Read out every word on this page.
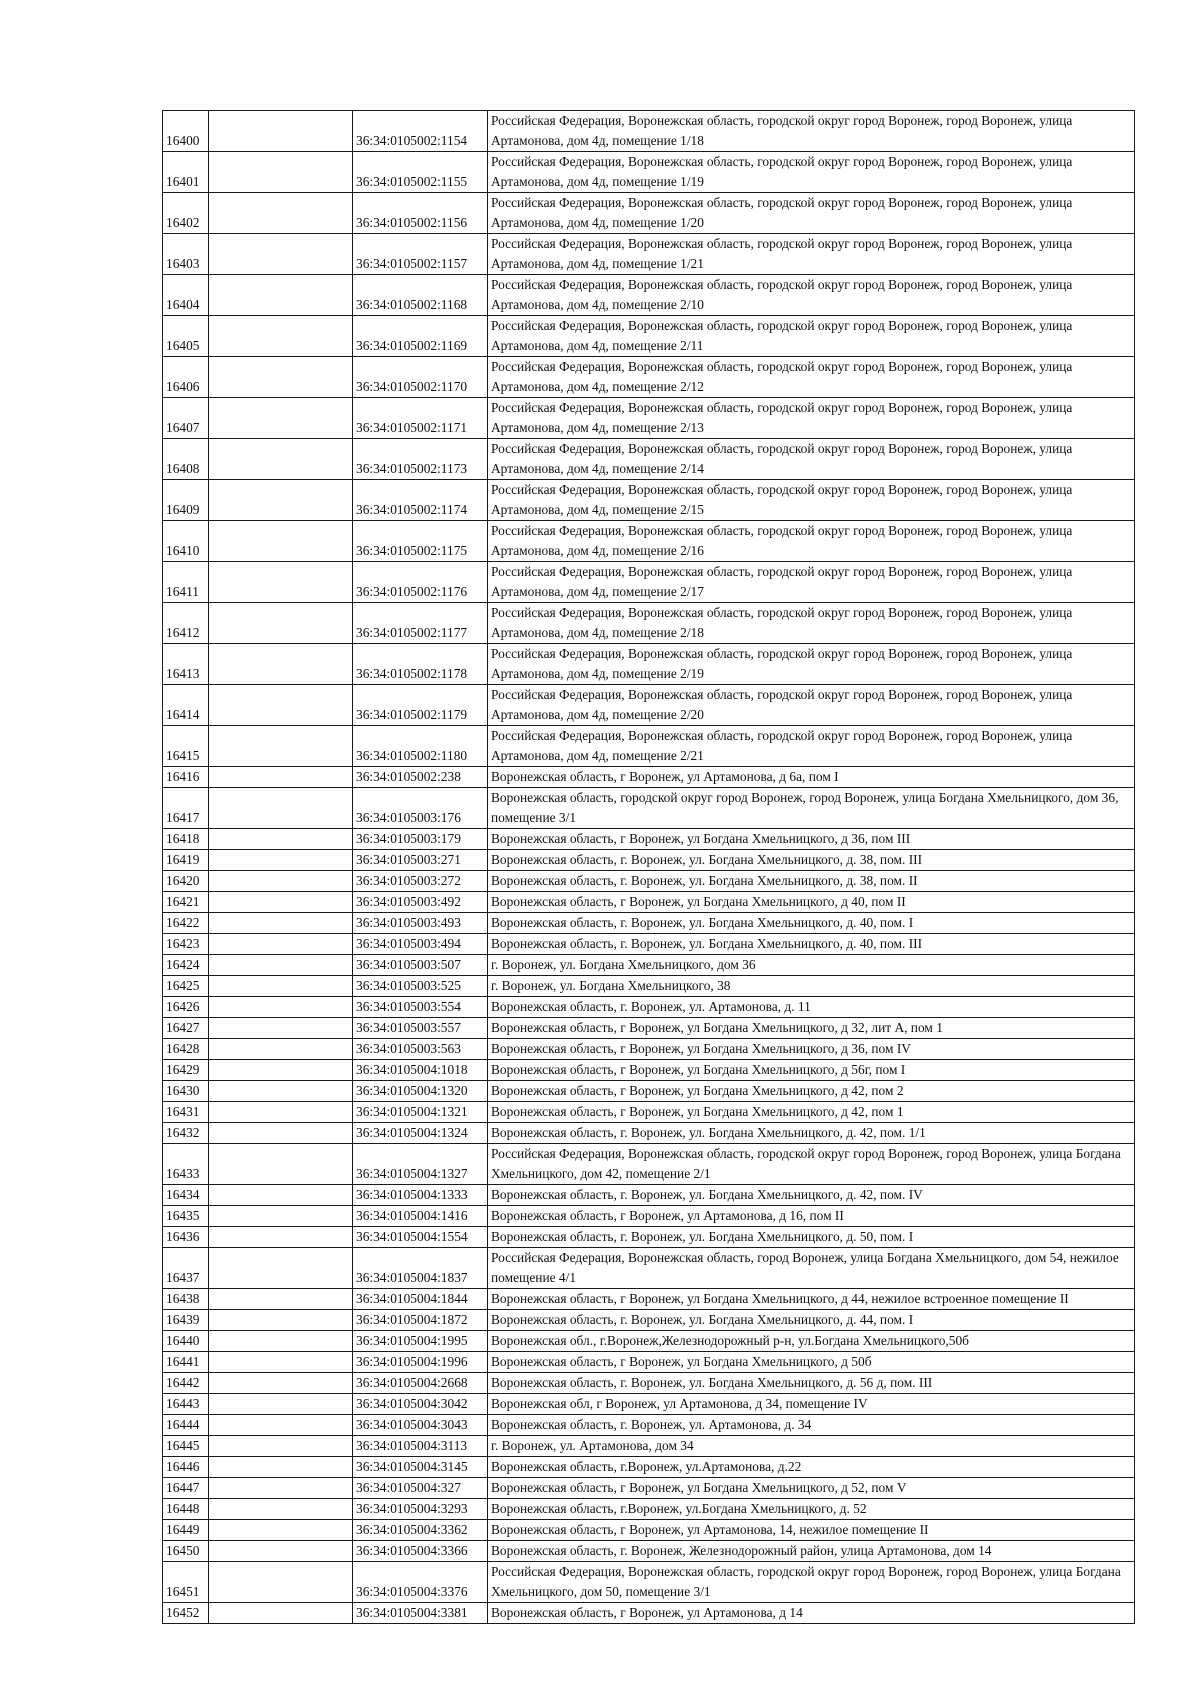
16400		36:34:0105002:1154	Российская Федерация, Воронежская область, городской округ город Воронеж, город Воронеж, улица Артамонова, дом 4д, помещение 1/18
16401		36:34:0105002:1155	Российская Федерация, Воронежская область, городской округ город Воронеж, город Воронеж, улица Артамонова, дом 4д, помещение 1/19
16402		36:34:0105002:1156	Российская Федерация, Воронежская область, городской округ город Воронеж, город Воронеж, улица Артамонова, дом 4д, помещение 1/20
16403		36:34:0105002:1157	Российская Федерация, Воронежская область, городской округ город Воронеж, город Воронеж, улица Артамонова, дом 4д, помещение 1/21
16404		36:34:0105002:1168	Российская Федерация, Воронежская область, городской округ город Воронеж, город Воронеж, улица Артамонова, дом 4д, помещение 2/10
16405		36:34:0105002:1169	Российская Федерация, Воронежская область, городской округ город Воронеж, город Воронеж, улица Артамонова, дом 4д, помещение 2/11
16406		36:34:0105002:1170	Российская Федерация, Воронежская область, городской округ город Воронеж, город Воронеж, улица Артамонова, дом 4д, помещение 2/12
16407		36:34:0105002:1171	Российская Федерация, Воронежская область, городской округ город Воронеж, город Воронеж, улица Артамонова, дом 4д, помещение 2/13
16408		36:34:0105002:1173	Российская Федерация, Воронежская область, городской округ город Воронеж, город Воронеж, улица Артамонова, дом 4д, помещение 2/14
16409		36:34:0105002:1174	Российская Федерация, Воронежская область, городской округ город Воронеж, город Воронеж, улица Артамонова, дом 4д, помещение 2/15
16410		36:34:0105002:1175	Российская Федерация, Воронежская область, городской округ город Воронеж, город Воронеж, улица Артамонова, дом 4д, помещение 2/16
16411		36:34:0105002:1176	Российская Федерация, Воронежская область, городской округ город Воронеж, город Воронеж, улица Артамонова, дом 4д, помещение 2/17
16412		36:34:0105002:1177	Российская Федерация, Воронежская область, городской округ город Воронеж, город Воронеж, улица Артамонова, дом 4д, помещение 2/18
16413		36:34:0105002:1178	Российская Федерация, Воронежская область, городской округ город Воронеж, город Воронеж, улица Артамонова, дом 4д, помещение 2/19
16414		36:34:0105002:1179	Российская Федерация, Воронежская область, городской округ город Воронеж, город Воронеж, улица Артамонова, дом 4д, помещение 2/20
16415		36:34:0105002:1180	Российская Федерация, Воронежская область, городской округ город Воронеж, город Воронеж, улица Артамонова, дом 4д, помещение 2/21
16416		36:34:0105002:238	Воронежская область, г Воронеж, ул Артамонова, д 6а, пом I
16417		36:34:0105003:176	Воронежская область, городской округ город Воронеж, город Воронеж, улица Богдана Хмельницкого, дом 36, помещение 3/1
16418		36:34:0105003:179	Воронежская область, г Воронеж, ул Богдана Хмельницкого, д 36, пом III
16419		36:34:0105003:271	Воронежская область, г. Воронеж, ул. Богдана Хмельницкого, д. 38, пом. III
16420		36:34:0105003:272	Воронежская область, г. Воронеж, ул. Богдана Хмельницкого, д. 38, пом. II
16421		36:34:0105003:492	Воронежская область, г Воронеж, ул Богдана Хмельницкого, д 40, пом II
16422		36:34:0105003:493	Воронежская область, г. Воронеж, ул. Богдана Хмельницкого, д. 40, пом. I
16423		36:34:0105003:494	Воронежская область, г. Воронеж, ул. Богдана Хмельницкого, д. 40, пом. III
16424		36:34:0105003:507	г. Воронеж, ул. Богдана Хмельницкого, дом 36
16425		36:34:0105003:525	г. Воронеж, ул. Богдана Хмельницкого, 38
16426		36:34:0105003:554	Воронежская область, г. Воронеж, ул. Артамонова, д. 11
16427		36:34:0105003:557	Воронежская область, г Воронеж, ул Богдана Хмельницкого, д 32, лит А, пом 1
16428		36:34:0105003:563	Воронежская область, г Воронеж, ул Богдана Хмельницкого, д 36, пом IV
16429		36:34:0105004:1018	Воронежская область, г Воронеж, ул Богдана Хмельницкого, д 56г, пом I
16430		36:34:0105004:1320	Воронежская область, г Воронеж, ул Богдана Хмельницкого, д 42, пом 2
16431		36:34:0105004:1321	Воронежская область, г Воронеж, ул Богдана Хмельницкого, д 42, пом 1
16432		36:34:0105004:1324	Воронежская область, г. Воронеж, ул. Богдана Хмельницкого, д. 42, пом. 1/1
16433		36:34:0105004:1327	Российская Федерация, Воронежская область, городской округ город Воронеж, город Воронеж, улица Богдана Хмельницкого, дом 42, помещение 2/1
16434		36:34:0105004:1333	Воронежская область, г. Воронеж, ул. Богдана Хмельницкого, д. 42, пом. IV
16435		36:34:0105004:1416	Воронежская область, г Воронеж, ул Артамонова, д 16, пом II
16436		36:34:0105004:1554	Воронежская область, г. Воронеж, ул. Богдана Хмельницкого, д. 50, пом. I
16437		36:34:0105004:1837	Российская Федерация, Воронежская область, город Воронеж, улица Богдана Хмельницкого, дом 54, нежилое помещение 4/1
16438		36:34:0105004:1844	Воронежская область, г Воронеж, ул Богдана Хмельницкого, д 44, нежилое встроенное помещение II
16439		36:34:0105004:1872	Воронежская область, г. Воронеж, ул. Богдана Хмельницкого, д. 44, пом. I
16440		36:34:0105004:1995	Воронежская обл., г.Воронеж,Железнодорожный р-н, ул.Богдана Хмельницкого,50б
16441		36:34:0105004:1996	Воронежская область, г Воронеж, ул Богдана Хмельницкого, д 50б
16442		36:34:0105004:2668	Воронежская область, г. Воронеж, ул. Богдана Хмельницкого, д. 56 д, пом. III
16443		36:34:0105004:3042	Воронежская обл, г Воронеж, ул Артамонова, д 34, помещение IV
16444		36:34:0105004:3043	Воронежская область, г. Воронеж, ул. Артамонова, д. 34
16445		36:34:0105004:3113	г. Воронеж, ул. Артамонова, дом 34
16446		36:34:0105004:3145	Воронежская область, г.Воронеж, ул.Артамонова, д.22
16447		36:34:0105004:327	Воронежская область, г Воронеж, ул Богдана Хмельницкого, д 52, пом V
16448		36:34:0105004:3293	Воронежская область, г.Воронеж, ул.Богдана Хмельницкого, д. 52
16449		36:34:0105004:3362	Воронежская область, г Воронеж, ул Артамонова, 14, нежилое помещение II
16450		36:34:0105004:3366	Воронежская область, г. Воронеж, Железнодорожный район, улица Артамонова, дом 14
16451		36:34:0105004:3376	Российская Федерация, Воронежская область, городской округ город Воронеж, город Воронеж, улица Богдана Хмельницкого, дом 50, помещение 3/1
16452		36:34:0105004:3381	Воронежская область, г Воронеж, ул Артамонова, д 14
